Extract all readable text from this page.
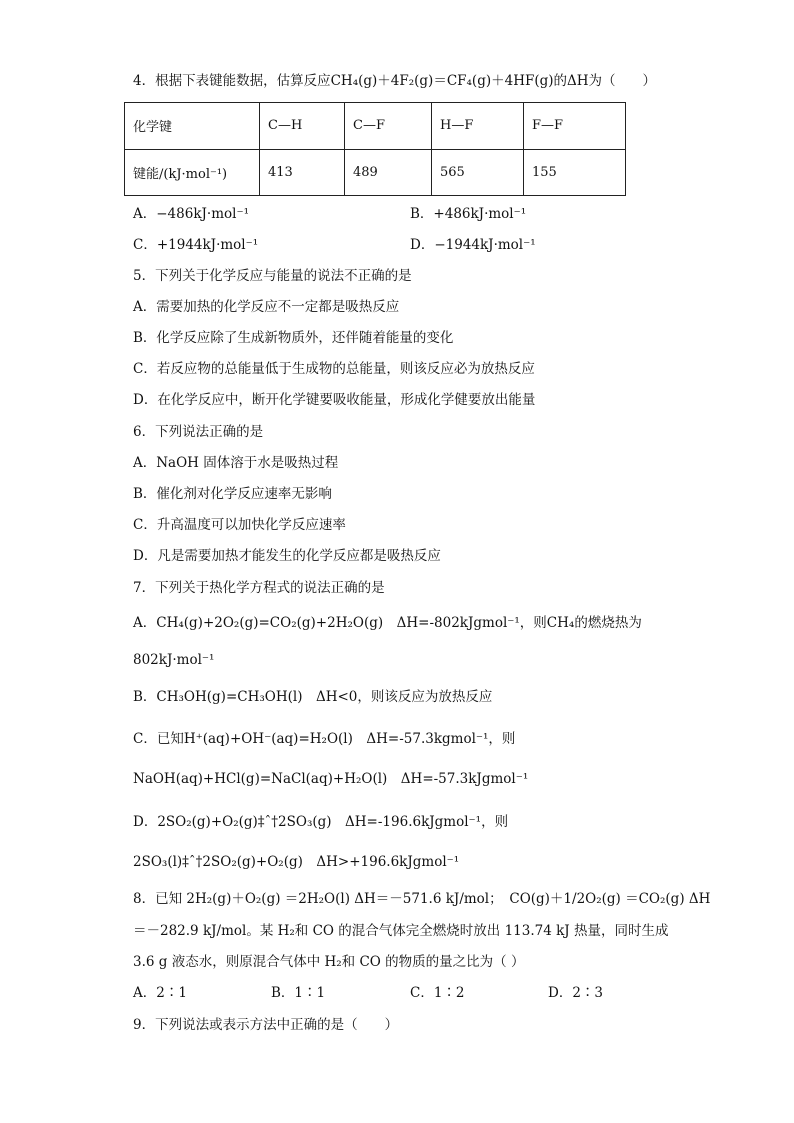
4．根据下表键能数据，估算反应CH₄(g)＋4F₂(g)＝CF₄(g)＋4HF(g)的ΔH为（　　）
化学键	C—H	C—F	H—F	F—F
键能/(kJ·mol⁻¹)	413	489	565	155
A．−486kJ·mol⁻¹	B．+486kJ·mol⁻¹
C．+1944kJ·mol⁻¹	D．−1944kJ·mol⁻¹
5．下列关于化学反应与能量的说法不正确的是
A．需要加热的化学反应不一定都是吸热反应
B．化学反应除了生成新物质外，还伴随着能量的变化
C．若反应物的总能量低于生成物的总能量，则该反应必为放热反应
D．在化学反应中，断开化学键要吸收能量，形成化学健要放出能量
6．下列说法正确的是
A．NaOH 固体溶于水是吸热过程
B．催化剂对化学反应速率无影响
C．升高温度可以加快化学反应速率
D．凡是需要加热才能发生的化学反应都是吸热反应
7．下列关于热化学方程式的说法正确的是
A．CH₄(g)+2O₂(g)=CO₂(g)+2H₂O(g)　ΔH=-802kJgmol⁻¹，则CH₄的燃烧热为
802kJ·mol⁻¹
B．CH₃OH(g)=CH₃OH(l)　ΔH<0，则该反应为放热反应
C．已知H⁺(aq)+OH⁻(aq)=H₂O(l)　ΔH=-57.3kgmol⁻¹，则
NaOH(aq)+HCl(g)=NaCl(aq)+H₂O(l)　ΔH=-57.3kJgmol⁻¹
D．2SO₂(g)+O₂(g)‡ˆ†2SO₃(g)　ΔH=-196.6kJgmol⁻¹，则
2SO₃(l)‡ˆ†2SO₂(g)+O₂(g)　ΔH>+196.6kJgmol⁻¹
8．已知 2H₂(g)＋O₂(g) ＝2H₂O(l) ΔH＝－571.6 kJ/mol；　CO(g)＋1/2O₂(g) ＝CO₂(g) ΔH
＝－282.9 kJ/mol。某 H₂和 CO 的混合气体完全燃烧时放出 113.74 kJ 热量，同时生成
3.6 g 液态水，则原混合气体中 H₂和 CO 的物质的量之比为（ ）
A．2∶1	B．1∶1	C．1∶2	D．2∶3
9．下列说法或表示方法中正确的是（　　）
